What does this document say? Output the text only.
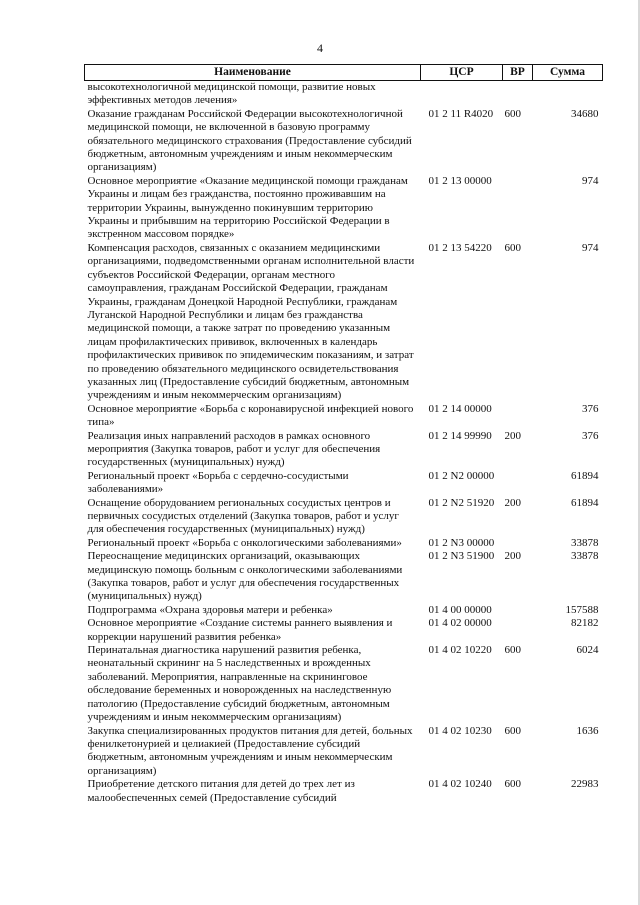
4
Наименование	ЦСР	ВР	Сумма
высокотехнологичной медицинской помощи, развитие новых эффективных методов лечения»			
Оказание гражданам Российской Федерации высокотехнологичной медицинской помощи, не включенной в базовую программу обязательного медицинского страхования (Предоставление субсидий бюджетным, автономным учреждениям и иным некоммерческим организациям)	01 2 11 R4020	600	34680
Основное мероприятие «Оказание медицинской помощи гражданам Украины и лицам без гражданства, постоянно проживавшим на территории Украины, вынужденно покинувшим территорию Украины и прибывшим на территорию Российской Федерации в экстренном массовом порядке»	01 2 13 00000		974
Компенсация расходов, связанных с оказанием медицинскими организациями, подведомственными органам исполнительной власти субъектов Российской Федерации, органам местного самоуправления, гражданам Российской Федерации, гражданам Украины, гражданам Донецкой Народной Республики, гражданам Луганской Народной Республики и лицам без гражданства медицинской помощи, а также затрат по проведению указанным лицам профилактических прививок, включенных в календарь профилактических прививок по эпидемическим показаниям, и затрат по проведению обязательного медицинского освидетельствования указанных лиц (Предоставление субсидий бюджетным, автономным учреждениям и иным некоммерческим организациям)	01 2 13 54220	600	974
Основное мероприятие «Борьба с коронавирусной инфекцией нового типа»	01 2 14 00000		376
Реализация иных направлений расходов в рамках основного мероприятия (Закупка товаров, работ и услуг для обеспечения государственных (муниципальных) нужд)	01 2 14 99990	200	376
Региональный проект «Борьба с сердечно-сосудистыми заболеваниями»	01 2 N2 00000		61894
Оснащение оборудованием региональных сосудистых центров и первичных сосудистых отделений (Закупка товаров, работ и услуг для обеспечения государственных (муниципальных) нужд)	01 2 N2 51920	200	61894
Региональный проект «Борьба с онкологическими заболеваниями»	01 2 N3 00000		33878
Переоснащение медицинских организаций, оказывающих медицинскую помощь больным с онкологическими заболеваниями (Закупка товаров, работ и услуг для обеспечения государственных (муниципальных) нужд)	01 2 N3 51900	200	33878
Подпрограмма «Охрана здоровья матери и ребенка»	01 4 00 00000		157588
Основное мероприятие «Создание системы раннего выявления и коррекции нарушений развития ребенка»	01 4 02 00000		82182
Перинатальная диагностика нарушений развития ребенка, неонатальный скрининг на 5 наследственных и врожденных заболеваний. Мероприятия, направленные на скрининговое обследование беременных и новорожденных на наследственную патологию (Предоставление субсидий бюджетным, автономным учреждениям и иным некоммерческим организациям)	01 4 02 10220	600	6024
Закупка специализированных продуктов питания для детей, больных фенилкетонурией и целиакией (Предоставление субсидий бюджетным, автономным учреждениям и иным некоммерческим организациям)	01 4 02 10230	600	1636
Приобретение детского питания для детей до трех лет из малообеспеченных семей (Предоставление субсидий	01 4 02 10240	600	22983
